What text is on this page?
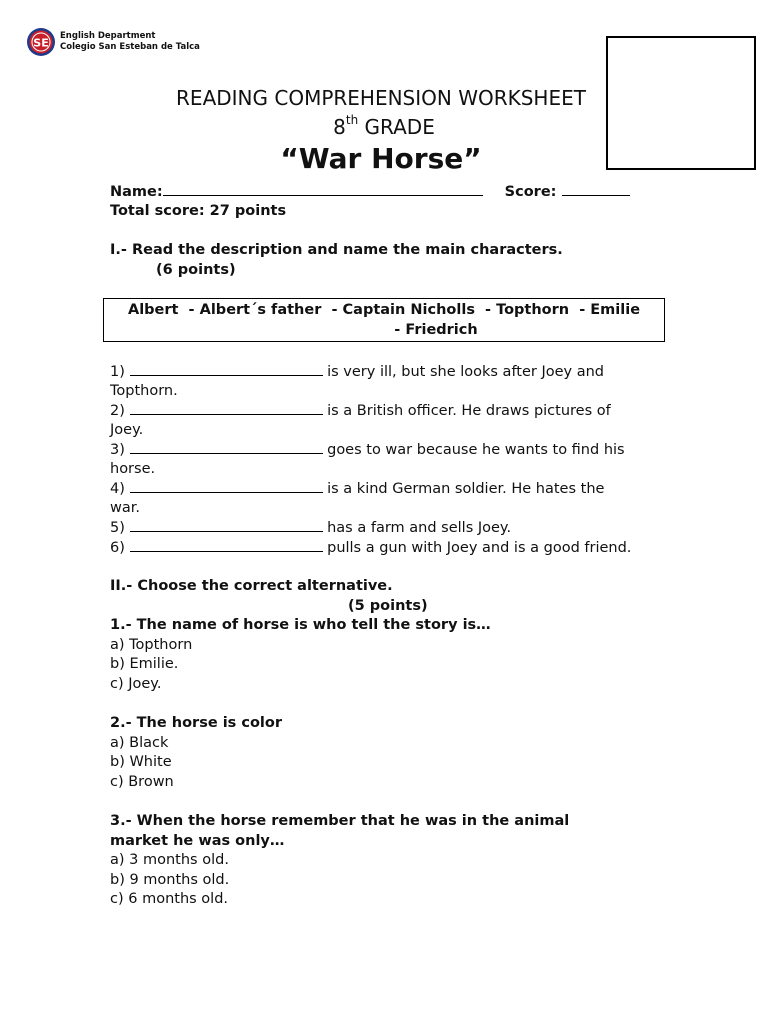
SE
English Department
Colegio San Esteban de Talca
READING COMPREHENSION WORKSHEET
8th GRADE
“War Horse”
Name:	Score:
Total score: 27 points
I.- Read the description and name the main characters.
(6 points)
Albert  - Albert´s father  - Captain Nicholls  - Topthorn  - Emilie
- Friedrich
1)	is very ill, but she looks after Joey and
Topthorn.
2)	is a British officer. He draws pictures of
Joey.
3)	goes to war because he wants to find his
horse.
4)	is a kind German soldier. He hates the
war.
5)	has a farm and sells Joey.
6)	pulls a gun with Joey and is a good friend.
II.- Choose the correct alternative.
(5 points)
1.- The name of horse is who tell the story is…
a) Topthorn
b) Emilie.
c) Joey.
2.- The horse is color
a) Black
b) White
c) Brown
3.- When the horse remember that he was in the animal
market he was only…
a) 3 months old.
b) 9 months old.
c) 6 months old.
